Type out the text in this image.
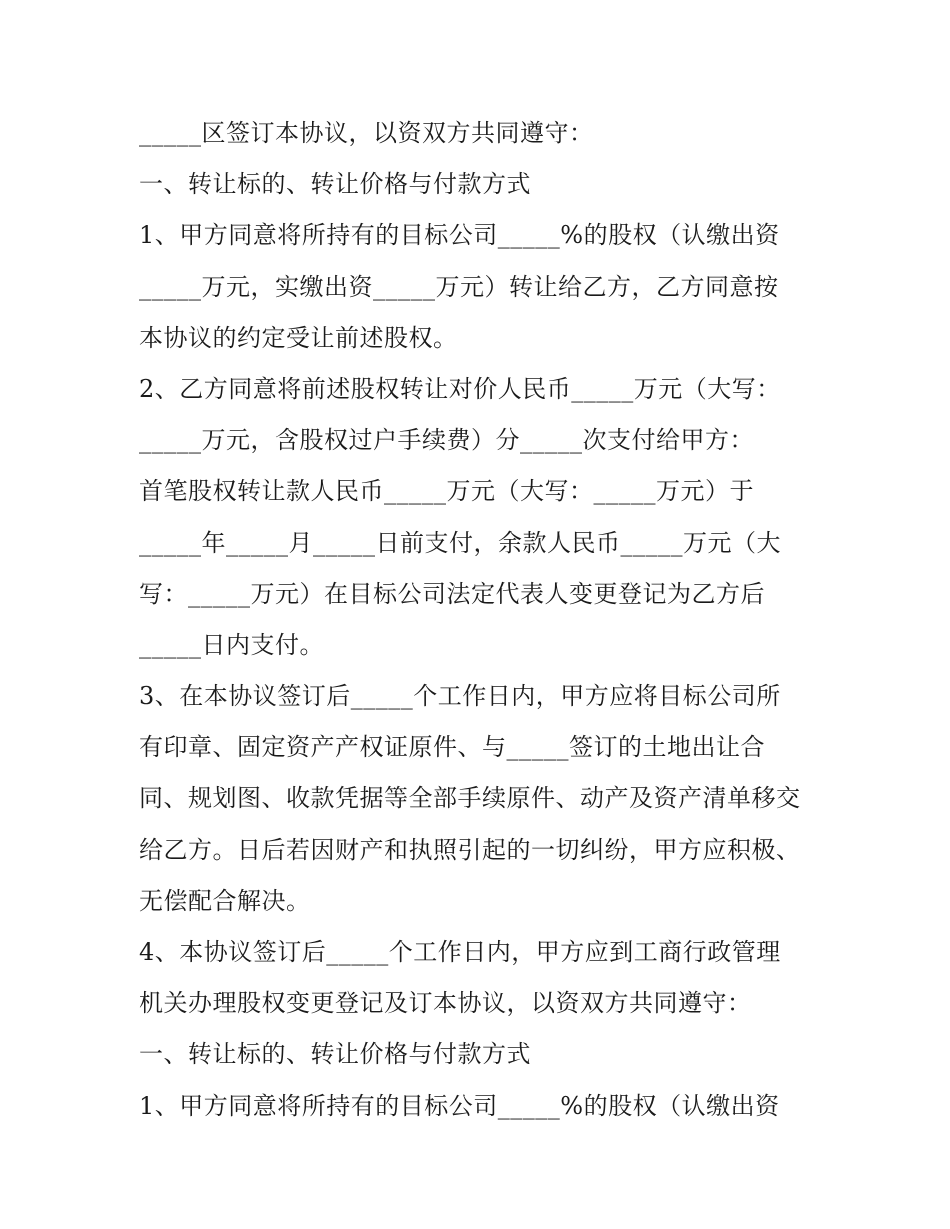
_____区签订本协议，以资双方共同遵守：
一、转让标的、转让价格与付款方式
1、甲方同意将所持有的目标公司_____%的股权（认缴出资
_____万元，实缴出资_____万元）转让给乙方，乙方同意按
本协议的约定受让前述股权。
2、乙方同意将前述股权转让对价人民币_____万元（大写：
_____万元，含股权过户手续费）分_____次支付给甲方：
首笔股权转让款人民币_____万元（大写：_____万元）于
_____年_____月_____日前支付，余款人民币_____万元（大
写：_____万元）在目标公司法定代表人变更登记为乙方后
_____日内支付。
3、在本协议签订后_____个工作日内，甲方应将目标公司所
有印章、固定资产产权证原件、与_____签订的土地出让合
同、规划图、收款凭据等全部手续原件、动产及资产清单移交
给乙方。日后若因财产和执照引起的一切纠纷，甲方应积极、
无偿配合解决。
4、本协议签订后_____个工作日内，甲方应到工商行政管理
机关办理股权变更登记及订本协议，以资双方共同遵守：
一、转让标的、转让价格与付款方式
1、甲方同意将所持有的目标公司_____%的股权（认缴出资
